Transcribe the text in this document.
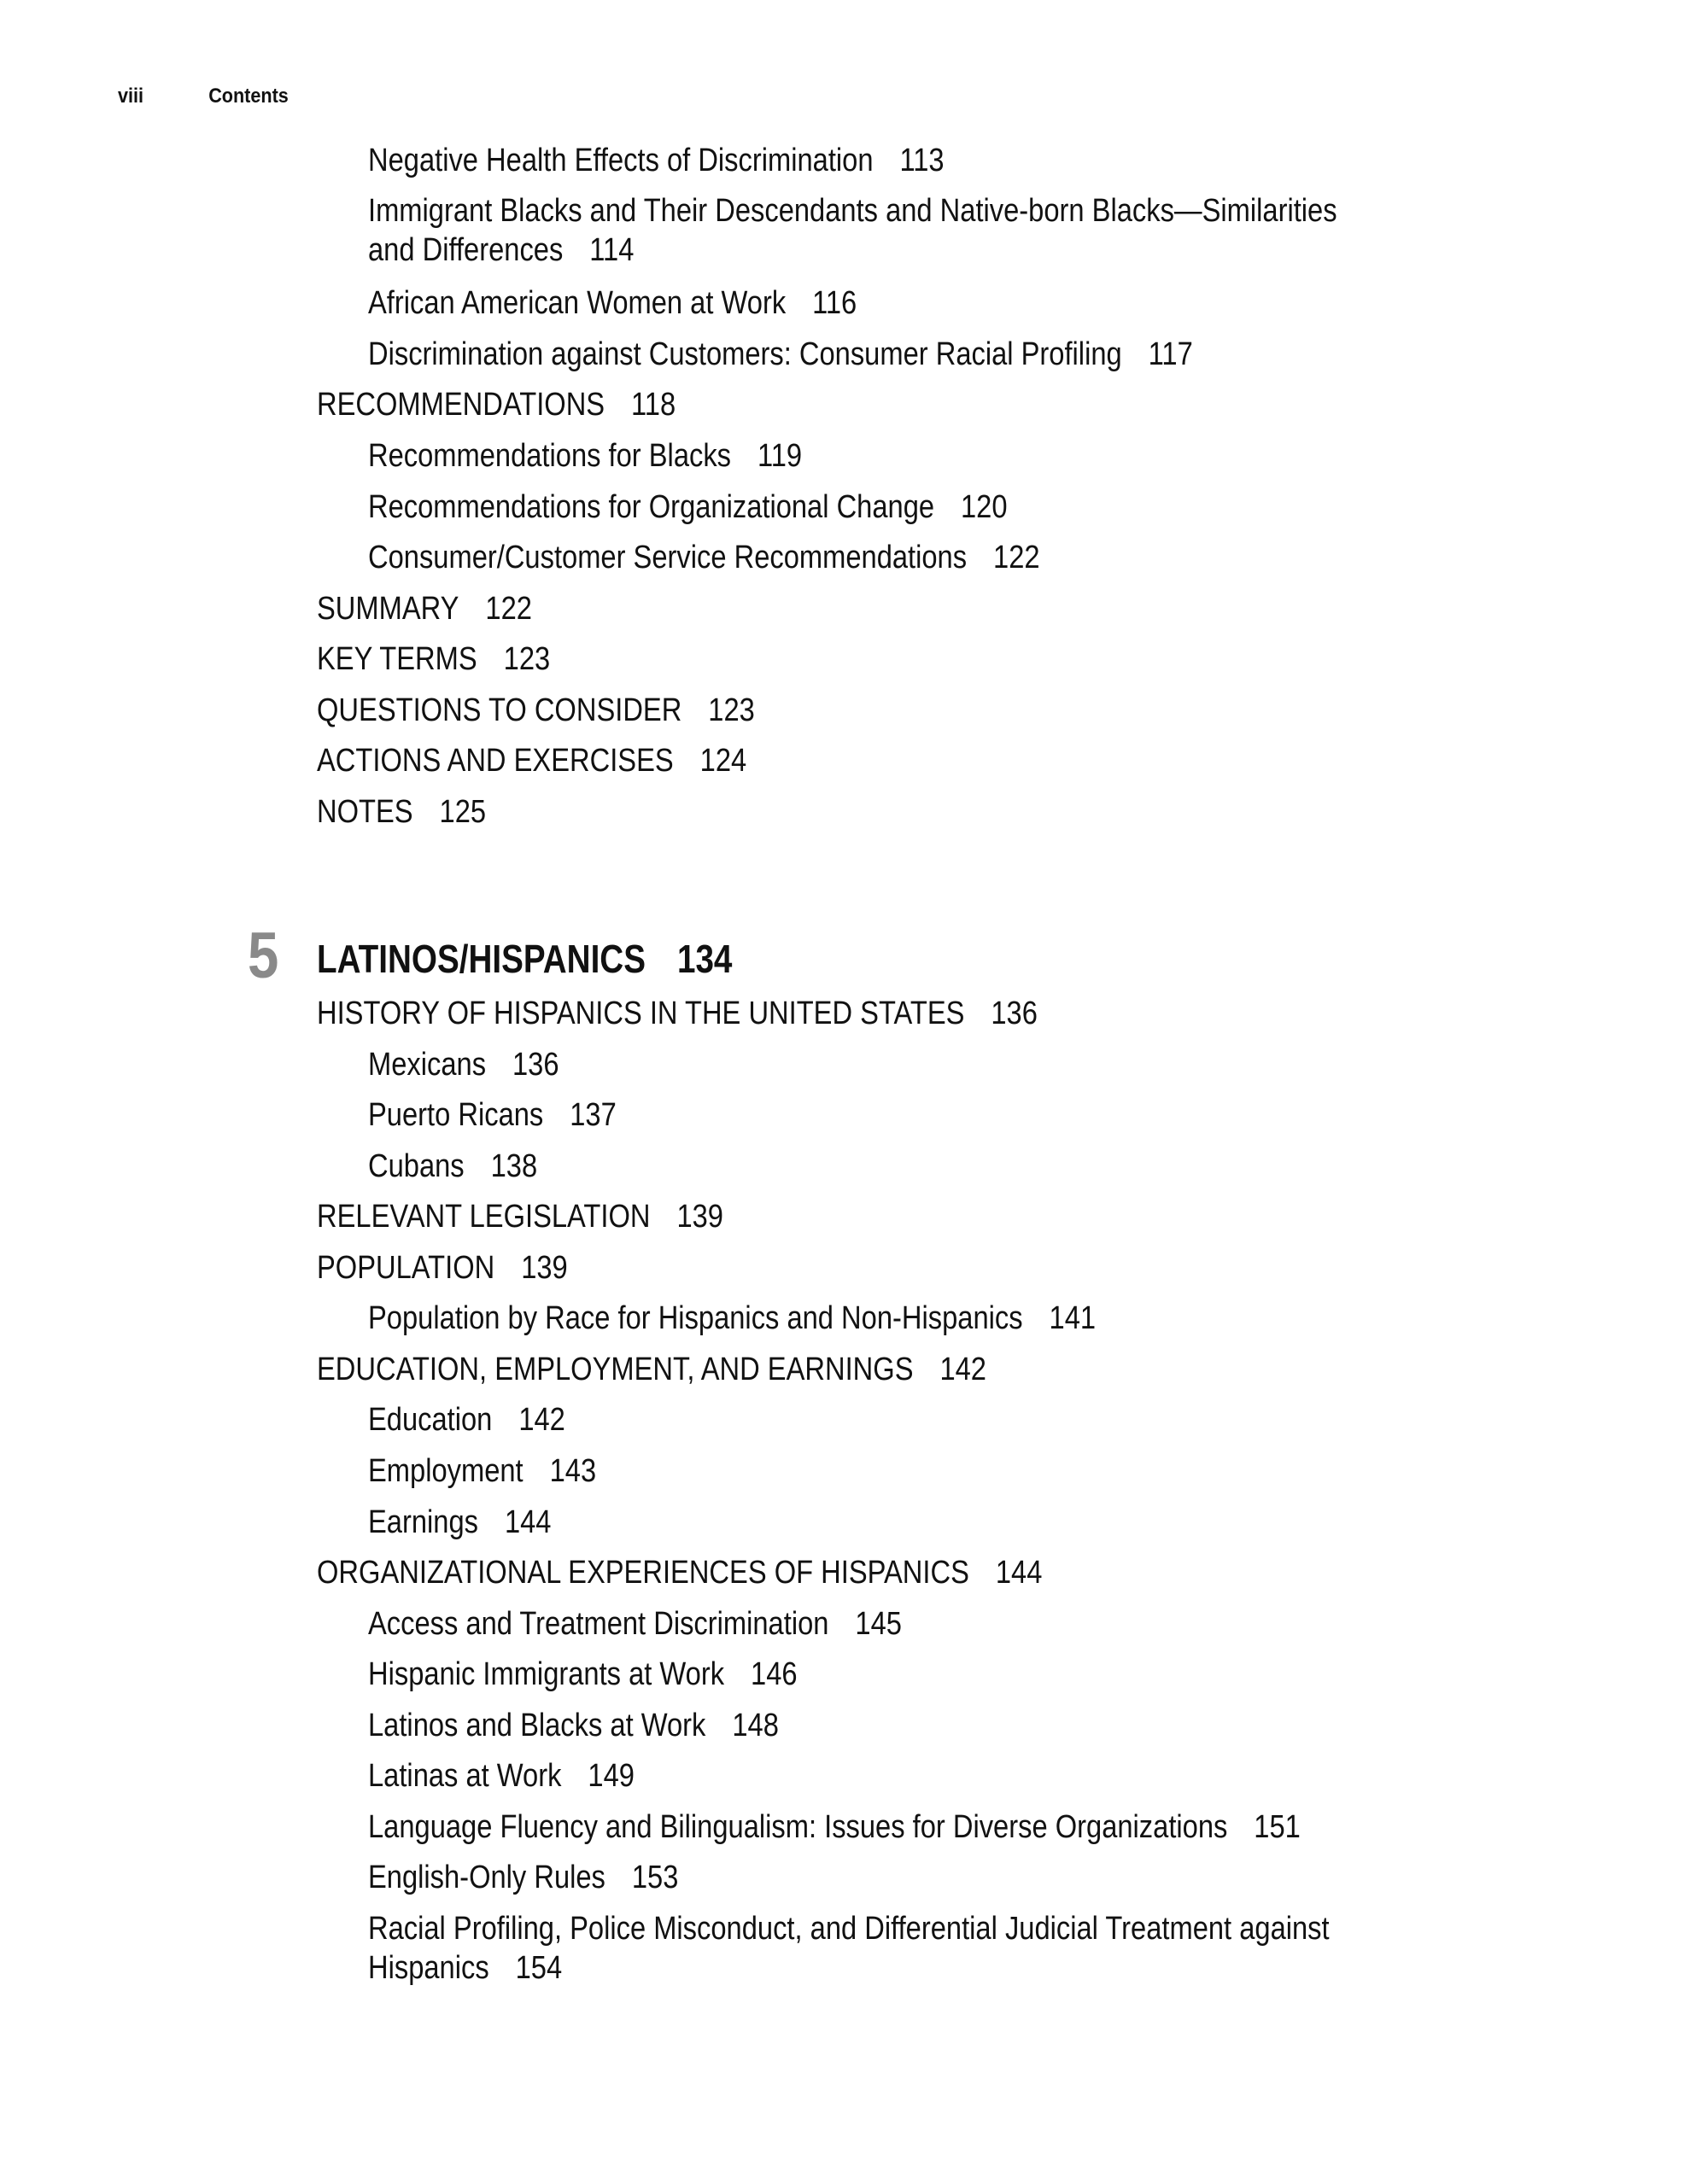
viii	Contents
Negative Health Effects of Discrimination 113
Immigrant Blacks and Their Descendants and Native-born Blacks—Similarities
and Differences 114
African American Women at Work 116
Discrimination against Customers: Consumer Racial Profiling 117
RECOMMENDATIONS 118
Recommendations for Blacks 119
Recommendations for Organizational Change 120
Consumer/Customer Service Recommendations 122
SUMMARY 122
KEY TERMS 123
QUESTIONS TO CONSIDER 123
ACTIONS AND EXERCISES 124
NOTES 125
5 LATINOS/HISPANICS 134
HISTORY OF HISPANICS IN THE UNITED STATES 136
Mexicans 136
Puerto Ricans 137
Cubans 138
RELEVANT LEGISLATION 139
POPULATION 139
Population by Race for Hispanics and Non-Hispanics 141
EDUCATION, EMPLOYMENT, AND EARNINGS 142
Education 142
Employment 143
Earnings 144
ORGANIZATIONAL EXPERIENCES OF HISPANICS 144
Access and Treatment Discrimination 145
Hispanic Immigrants at Work 146
Latinos and Blacks at Work 148
Latinas at Work 149
Language Fluency and Bilingualism: Issues for Diverse Organizations 151
English-Only Rules 153
Racial Profiling, Police Misconduct, and Differential Judicial Treatment against
Hispanics 154
